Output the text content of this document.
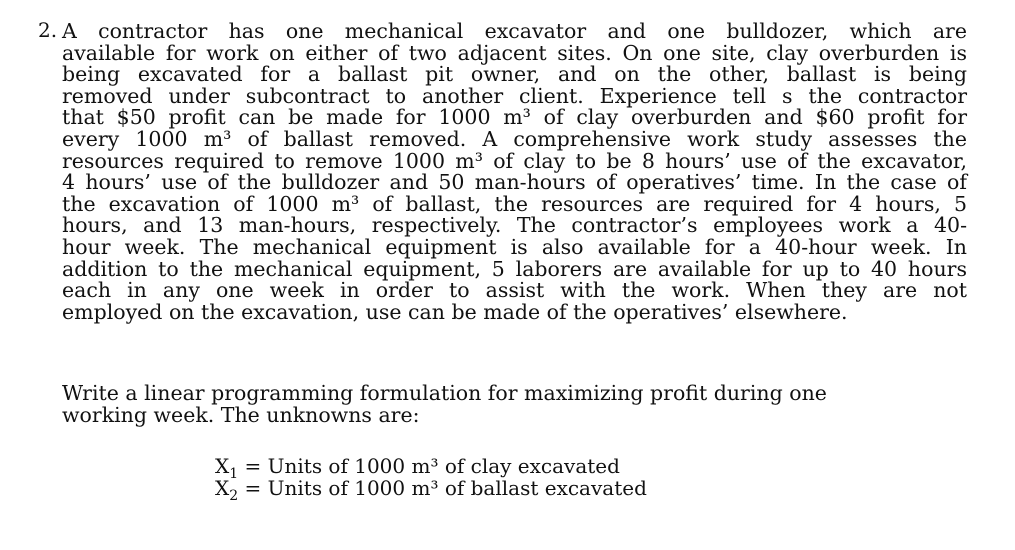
2. A contractor has one mechanical excavator and one bulldozer, which are
available for work on either of two adjacent sites. On one site, clay overburden is
being excavated for a ballast pit owner, and on the other, ballast is being
removed under subcontract to another client. Experience tell s the contractor
that $50 profit can be made for 1000 m³ of clay overburden and $60 profit for
every 1000 m³ of ballast removed. A comprehensive work study assesses the
resources required to remove 1000 m³ of clay to be 8 hours’ use of the excavator,
4 hours’ use of the bulldozer and 50 man-hours of operatives’ time. In the case of
the excavation of 1000 m³ of ballast, the resources are required for 4 hours, 5
hours, and 13 man-hours, respectively. The contractor’s employees work a 40-
hour week. The mechanical equipment is also available for a 40-hour week. In
addition to the mechanical equipment, 5 laborers are available for up to 40 hours
each in any one week in order to assist with the work. When they are not
employed on the excavation, use can be made of the operatives’ elsewhere.
Write a linear programming formulation for maximizing profit during one
working week. The unknowns are:
$X_1$ = Units of 1000 m³ of clay excavated
$X_2$ = Units of 1000 m³ of ballast excavated
